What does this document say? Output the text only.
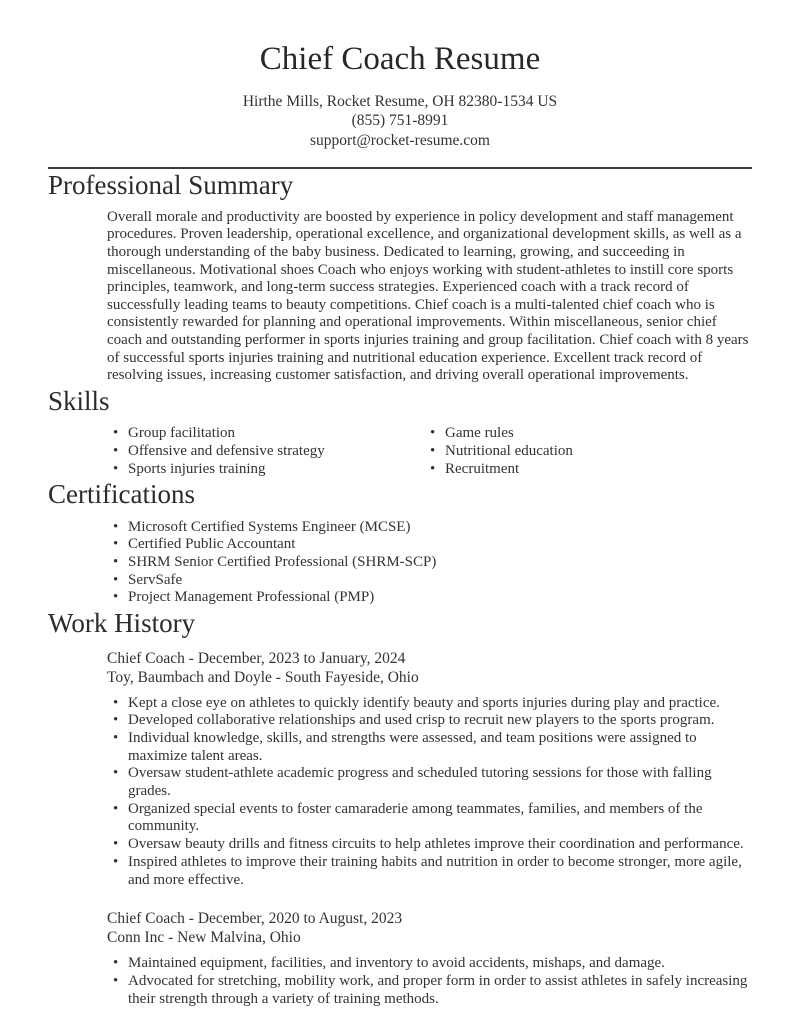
Chief Coach Resume
Hirthe Mills, Rocket Resume, OH 82380-1534 US
(855) 751-8991
support@rocket-resume.com
Professional Summary

Overall morale and productivity are boosted by experience in policy development and staff management procedures. Proven leadership, operational excellence, and organizational development skills, as well as a thorough understanding of the baby business. Dedicated to learning, growing, and succeeding in miscellaneous. Motivational shoes Coach who enjoys working with student-athletes to instill core sports principles, teamwork, and long-term success strategies. Experienced coach with a track record of successfully leading teams to beauty competitions. Chief coach is a multi-talented chief coach who is consistently rewarded for planning and operational improvements. Within miscellaneous, senior chief coach and outstanding performer in sports injuries training and group facilitation. Chief coach with 8 years of successful sports injuries training and nutritional education experience. Excellent track record of resolving issues, increasing customer satisfaction, and driving overall operational improvements.

Skills
• Group facilitation
• Offensive and defensive strategy
• Sports injuries training
• Game rules
• Nutritional education
• Recruitment
Certifications
• Microsoft Certified Systems Engineer (MCSE)
• Certified Public Accountant
• SHRM Senior Certified Professional (SHRM-SCP)
• ServSafe
• Project Management Professional (PMP)
Work History
Chief Coach - December, 2023 to January, 2024
Toy, Baumbach and Doyle - South Fayeside, Ohio
• Kept a close eye on athletes to quickly identify beauty and sports injuries during play and practice.
• Developed collaborative relationships and used crisp to recruit new players to the sports program.
• Individual knowledge, skills, and strengths were assessed, and team positions were assigned to maximize talent areas.
• Oversaw student-athlete academic progress and scheduled tutoring sessions for those with falling grades.
• Organized special events to foster camaraderie among teammates, families, and members of the community.
• Oversaw beauty drills and fitness circuits to help athletes improve their coordination and performance.
• Inspired athletes to improve their training habits and nutrition in order to become stronger, more agile, and more effective.
Chief Coach - December, 2020 to August, 2023
Conn Inc - New Malvina, Ohio
• Maintained equipment, facilities, and inventory to avoid accidents, mishaps, and damage.
• Advocated for stretching, mobility work, and proper form in order to assist athletes in safely increasing their strength through a variety of training methods.
